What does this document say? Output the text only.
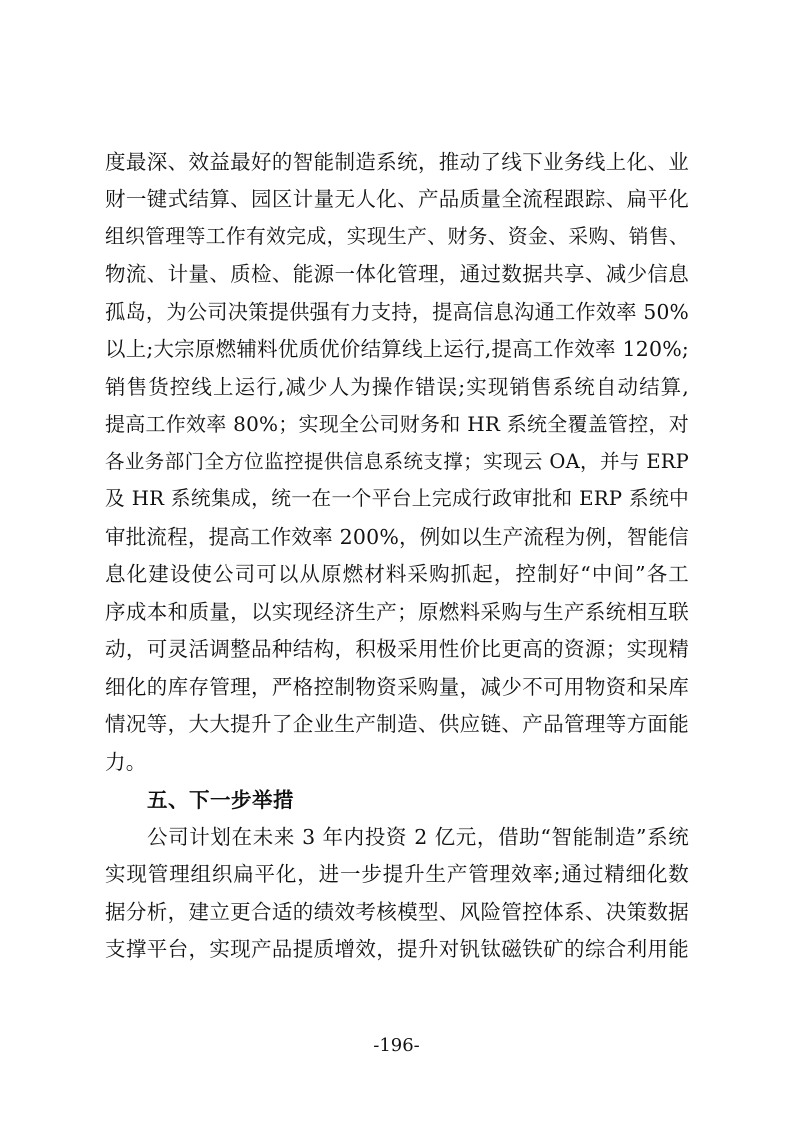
度最深、效益最好的智能制造系统，推动了线下业务线上化、业
财一键式结算、园区计量无人化、产品质量全流程跟踪、扁平化
组织管理等工作有效完成，实现生产、财务、资金、采购、销售、
物流、计量、质检、能源一体化管理，通过数据共享、减少信息
孤岛，为公司决策提供强有力支持，提高信息沟通工作效率 50%
以上;大宗原燃辅料优质优价结算线上运行,提高工作效率 120%;
销售货控线上运行,减少人为操作错误;实现销售系统自动结算,
提高工作效率 80%；实现全公司财务和 HR 系统全覆盖管控，对
各业务部门全方位监控提供信息系统支撑；实现云 OA，并与 ERP
及 HR 系统集成，统一在一个平台上完成行政审批和 ERP 系统中
审批流程，提高工作效率 200%，例如以生产流程为例，智能信
息化建设使公司可以从原燃材料采购抓起，控制好“中间”各工
序成本和质量，以实现经济生产；原燃料采购与生产系统相互联
动，可灵活调整品种结构，积极采用性价比更高的资源；实现精
细化的库存管理，严格控制物资采购量，减少不可用物资和呆库
情况等，大大提升了企业生产制造、供应链、产品管理等方面能
力。
五、下一步举措
公司计划在未来 3 年内投资 2 亿元，借助“智能制造”系统
实现管理组织扁平化，进一步提升生产管理效率;通过精细化数
据分析，建立更合适的绩效考核模型、风险管控体系、决策数据
支撑平台，实现产品提质增效，提升对钒钛磁铁矿的综合利用能
-196-
